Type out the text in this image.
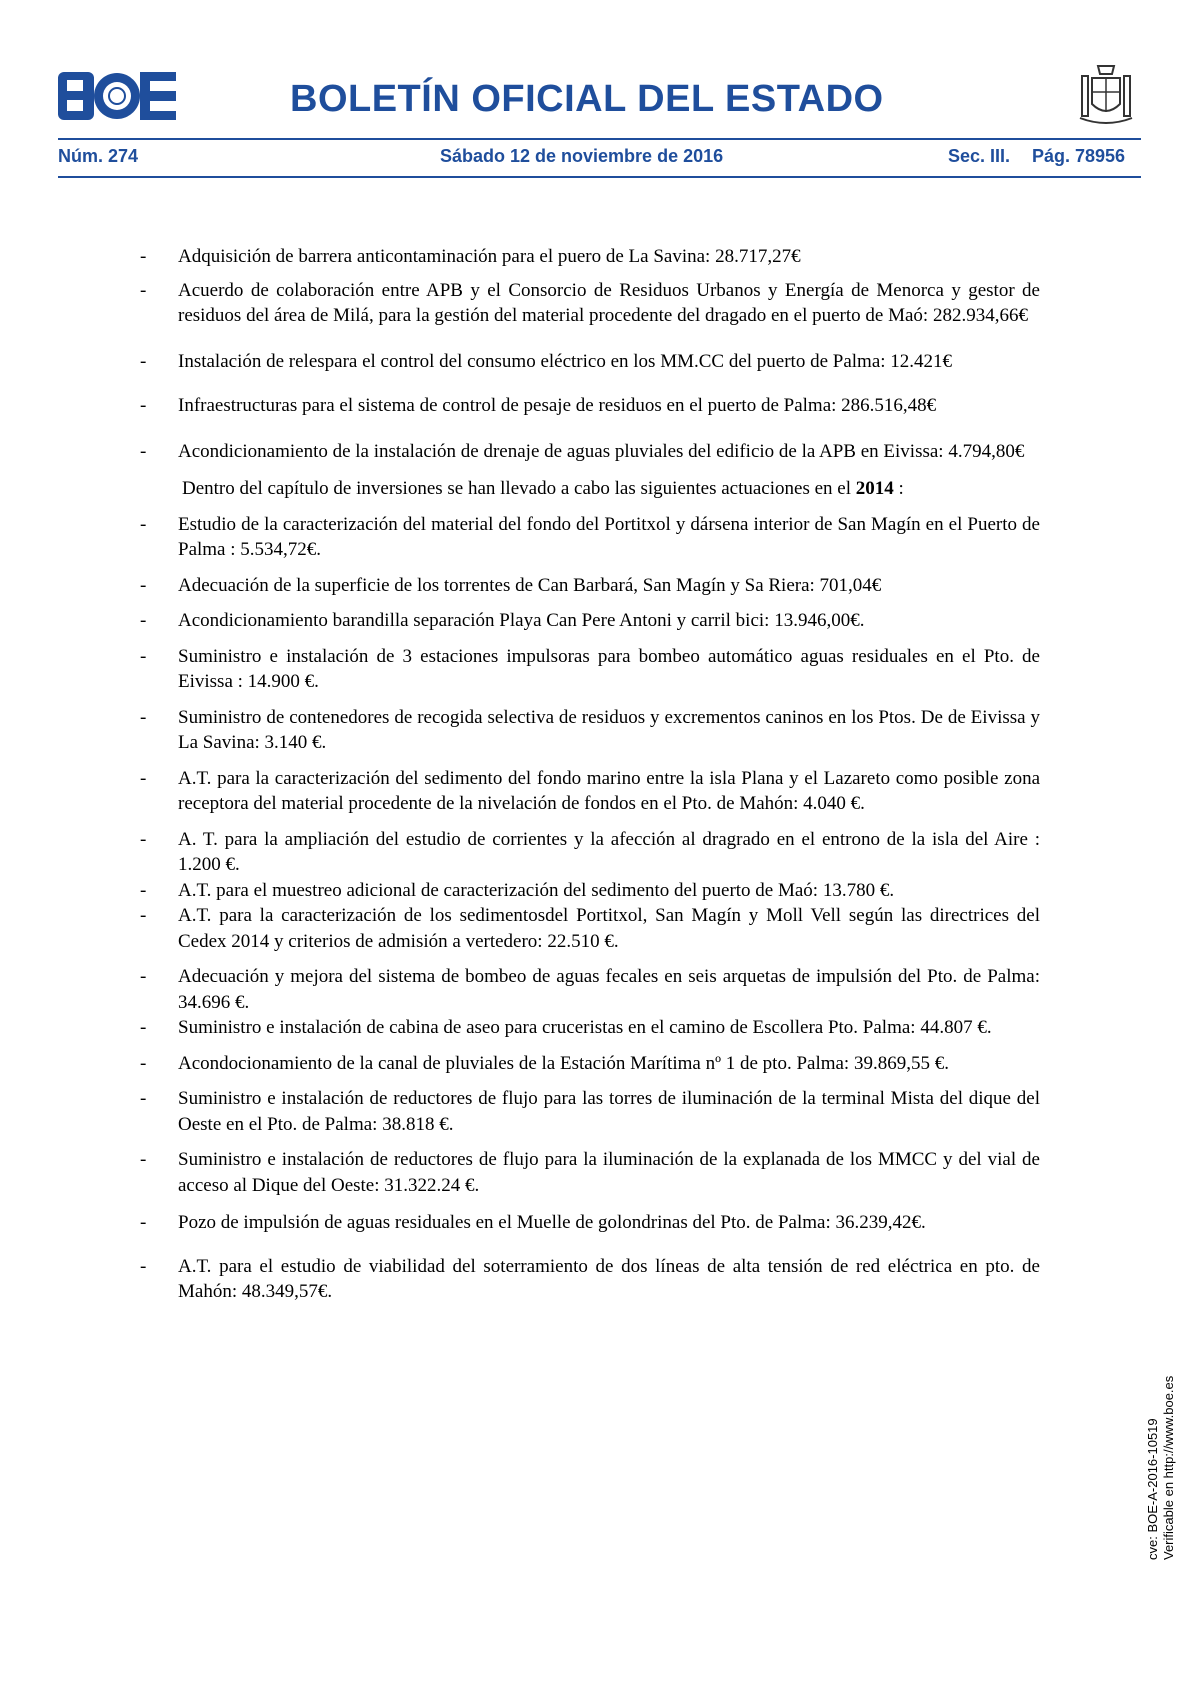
BOLETÍN OFICIAL DEL ESTADO
Núm. 274	Sábado 12 de noviembre de 2016	Sec. III. Pág. 78956
-	Adquisición de barrera anticontaminación para el puero de La Savina: 28.717,27€
-	Acuerdo de colaboración entre APB y el Consorcio de Residuos Urbanos y Energía de Menorca y gestor de residuos del área de Milá, para la gestión del material procedente del dragado en el puerto de Maó: 282.934,66€
-	Instalación de relespara el control del consumo eléctrico en los MM.CC del puerto de Palma: 12.421€
-	Infraestructuras para el sistema de control de pesaje de residuos en el puerto de Palma: 286.516,48€
-	Acondicionamiento de la instalación de drenaje de aguas pluviales del edificio de la APB en Eivissa: 4.794,80€

Dentro del capítulo de inversiones se han llevado a cabo las siguientes actuaciones en el 2014 :

-	Estudio de la caracterización del material del fondo del Portitxol y dársena interior de San Magín en el Puerto de Palma : 5.534,72€.
-	Adecuación de la superficie de los torrentes de Can Barbará, San Magín y Sa Riera: 701,04€
-	Acondicionamiento barandilla separación Playa Can Pere Antoni y carril bici: 13.946,00€.
-	Suministro e instalación de 3 estaciones impulsoras para bombeo automático aguas residuales en el Pto. de Eivissa : 14.900 €.
-	Suministro de contenedores de recogida selectiva de residuos y excrementos caninos en los Ptos. De de Eivissa y La Savina: 3.140 €.
-	A.T. para la caracterización del sedimento del fondo marino entre la isla Plana y el Lazareto como posible zona receptora del material procedente de la nivelación de fondos en el Pto. de Mahón: 4.040 €.
-	A. T. para la ampliación del estudio de corrientes y la afección al dragrado en el entrono de la isla del Aire : 1.200 €.
-	A.T. para el muestreo adicional de caracterización del sedimento del puerto de Maó: 13.780 €.
-	A.T. para la caracterización de los sedimentosdel Portitxol, San Magín y Moll Vell según las directrices del Cedex 2014 y criterios de admisión a vertedero: 22.510 €.
-	Adecuación y mejora del sistema de bombeo de aguas fecales en seis arquetas de impulsión del Pto. de Palma: 34.696 €.
-	Suministro e instalación de cabina de aseo para cruceristas en el camino de Escollera Pto. Palma: 44.807 €.
-	Acondocionamiento de la canal de pluviales de la Estación Marítima nº 1 de pto. Palma: 39.869,55 €.
-	Suministro e instalación de reductores de flujo para las torres de iluminación de la terminal Mista del dique del Oeste en el Pto. de Palma: 38.818 €.
-	Suministro e instalación de reductores de flujo para la iluminación de la explanada de los MMCC y del vial de acceso al Dique del Oeste: 31.322.24 €.
-	Pozo de impulsión de aguas residuales en el Muelle de golondrinas del Pto. de Palma: 36.239,42€.
-	A.T. para el estudio de viabilidad del soterramiento de dos líneas de alta tensión de red eléctrica en pto. de Mahón: 48.349,57€.
cve: BOE-A-2016-10519 Verificable en http://www.boe.es
